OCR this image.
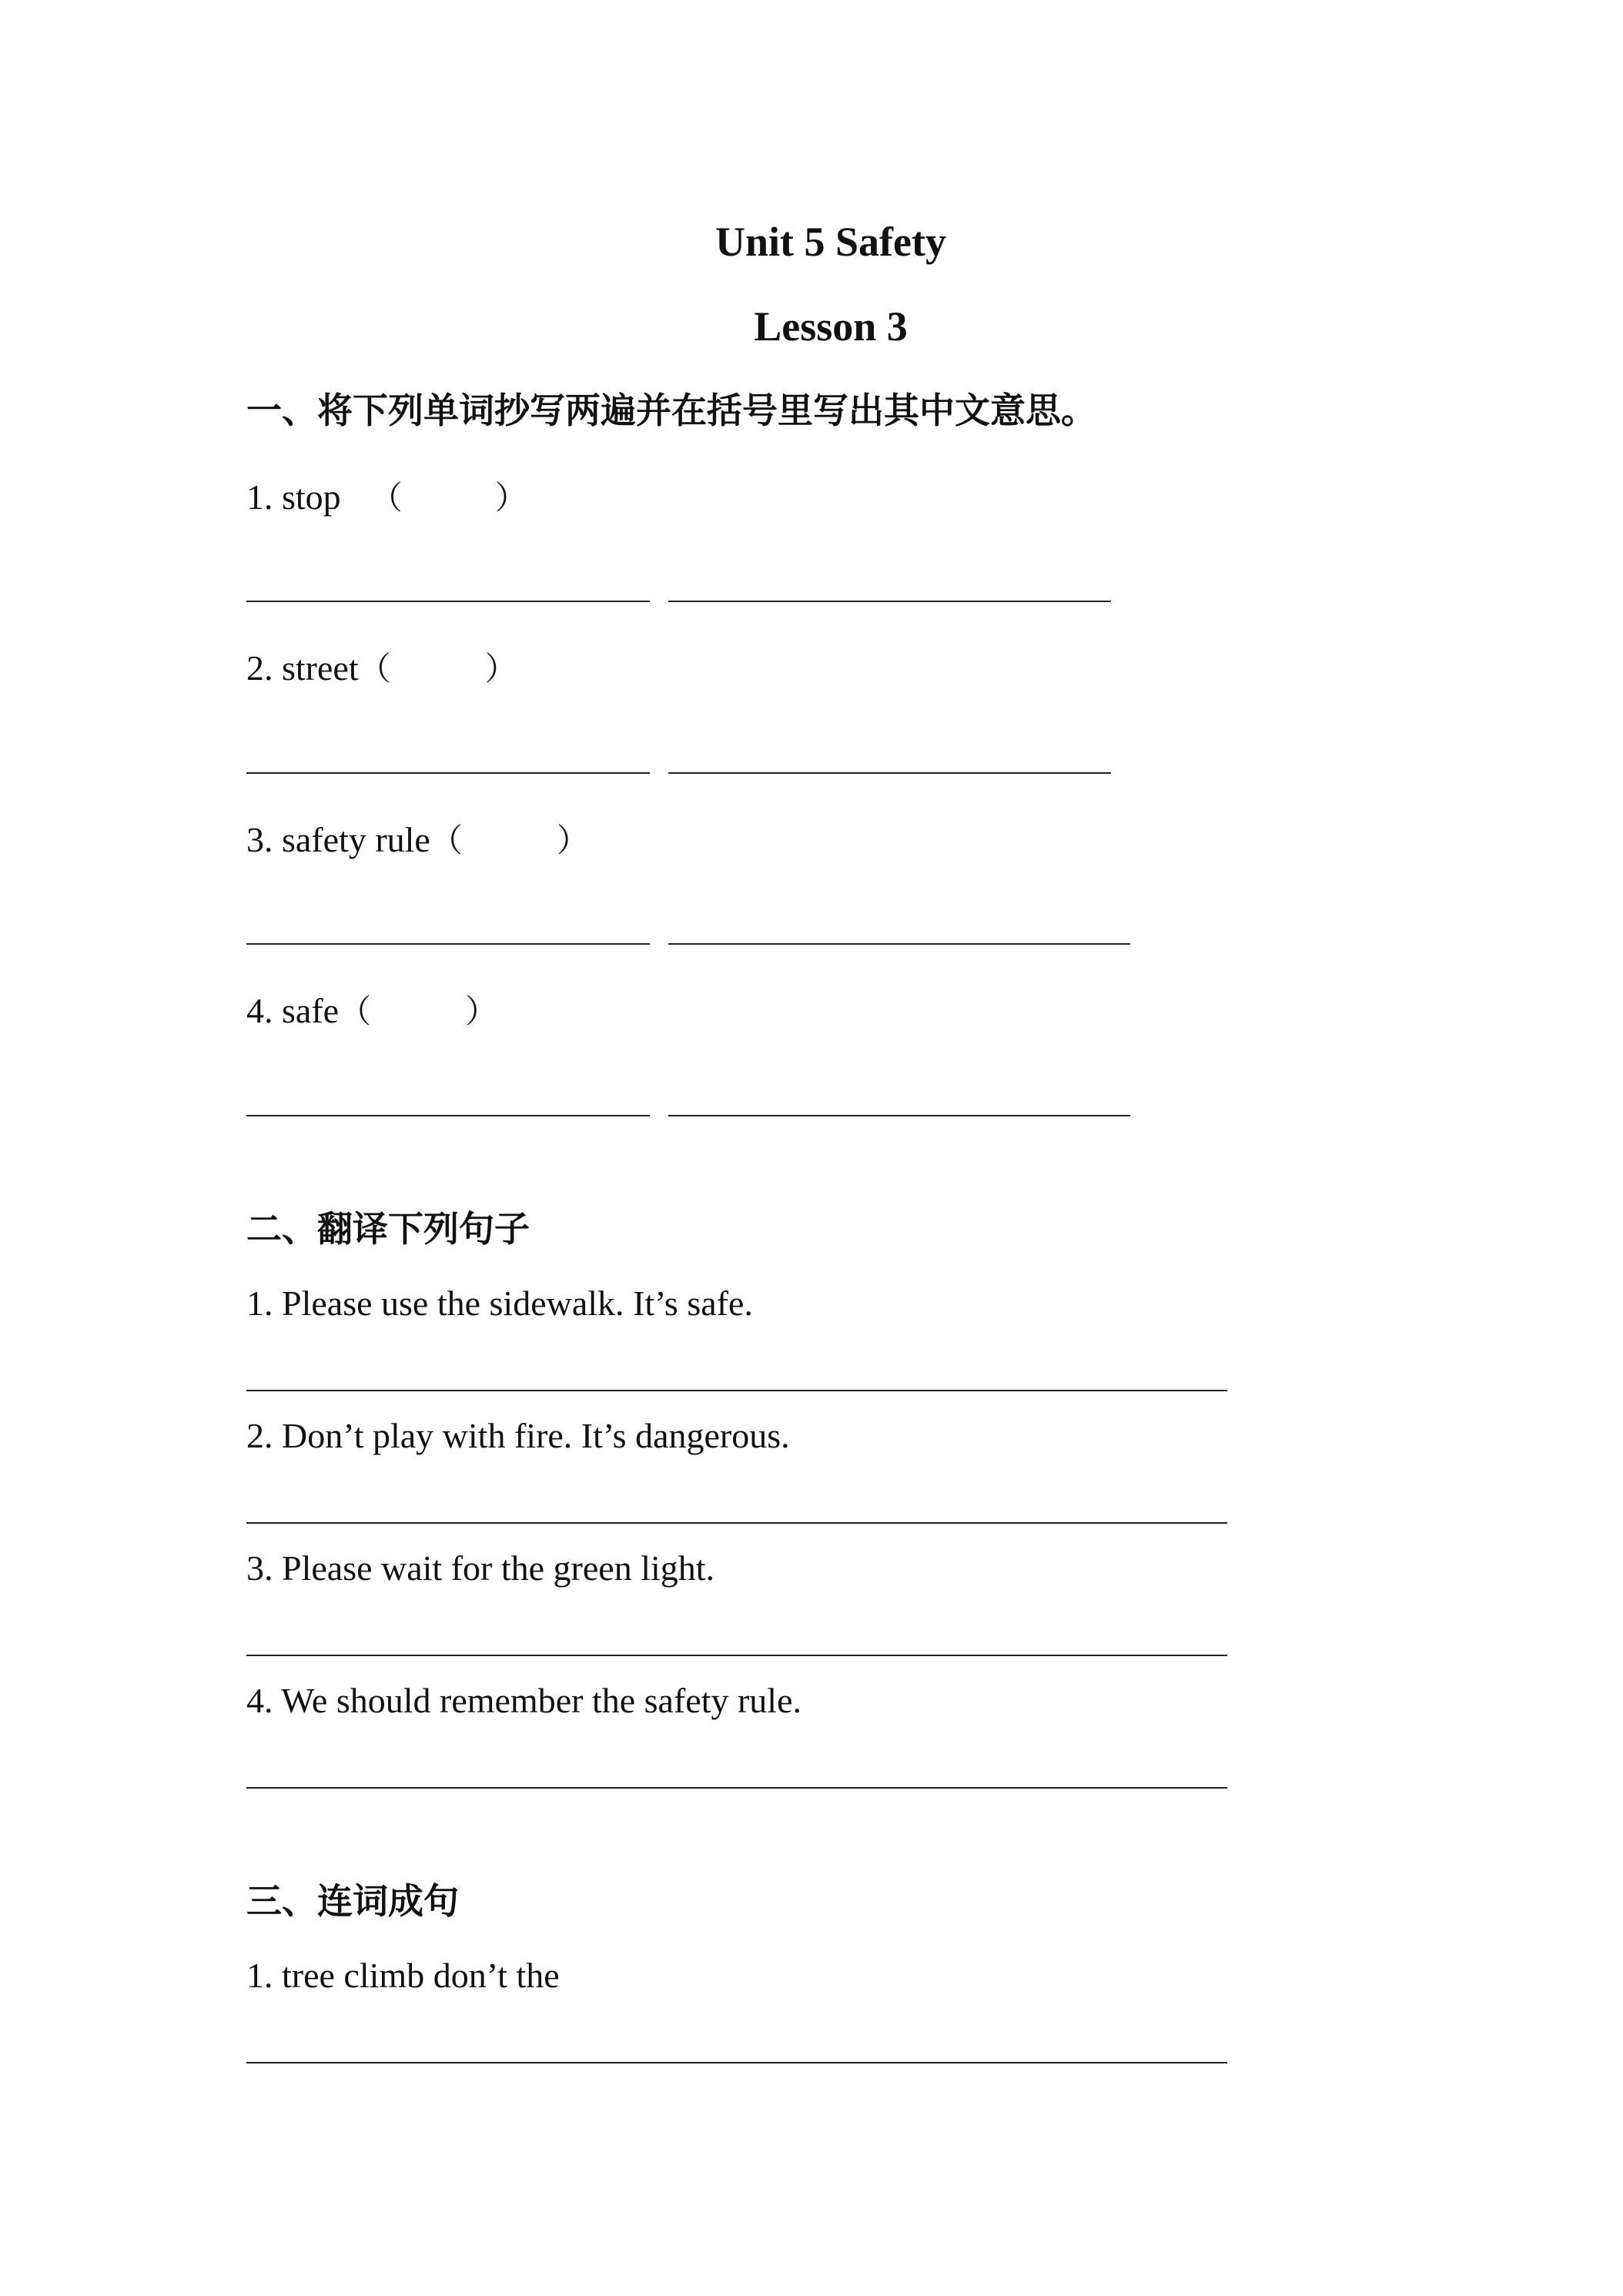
Unit 5 Safety
Lesson 3
一、将下列单词抄写两遍并在括号里写出其中文意思。
1. stop （	）
2. street（	）
3. safety rule（	）
4. safe（	）
二、翻译下列句子
1. Please use the sidewalk. It’s safe.
2. Don’t play with fire. It’s dangerous.
3. Please wait for the green light.
4. We should remember the safety rule.
三、连词成句
1. tree climb don’t the
